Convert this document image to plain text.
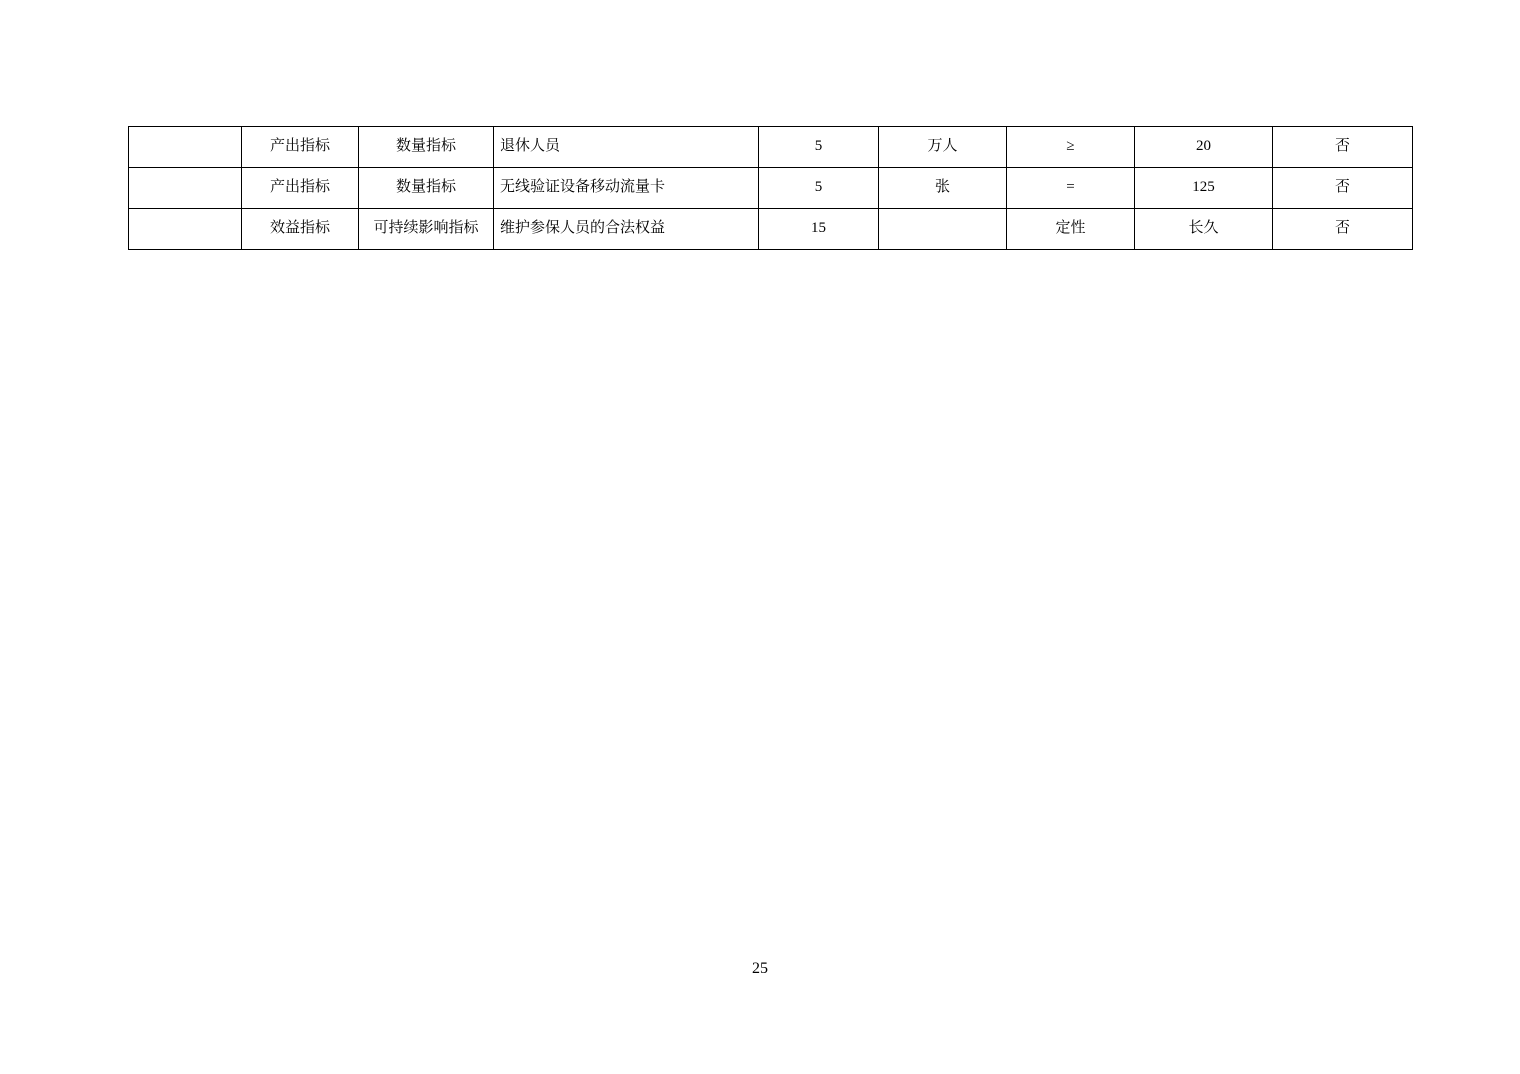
	产出指标	数量指标	退休人员	5	万人	≥	20	否
	产出指标	数量指标	无线验证设备移动流量卡	5	张	=	125	否
	效益指标	可持续影响指标	维护参保人员的合法权益	15		定性	长久	否
25
